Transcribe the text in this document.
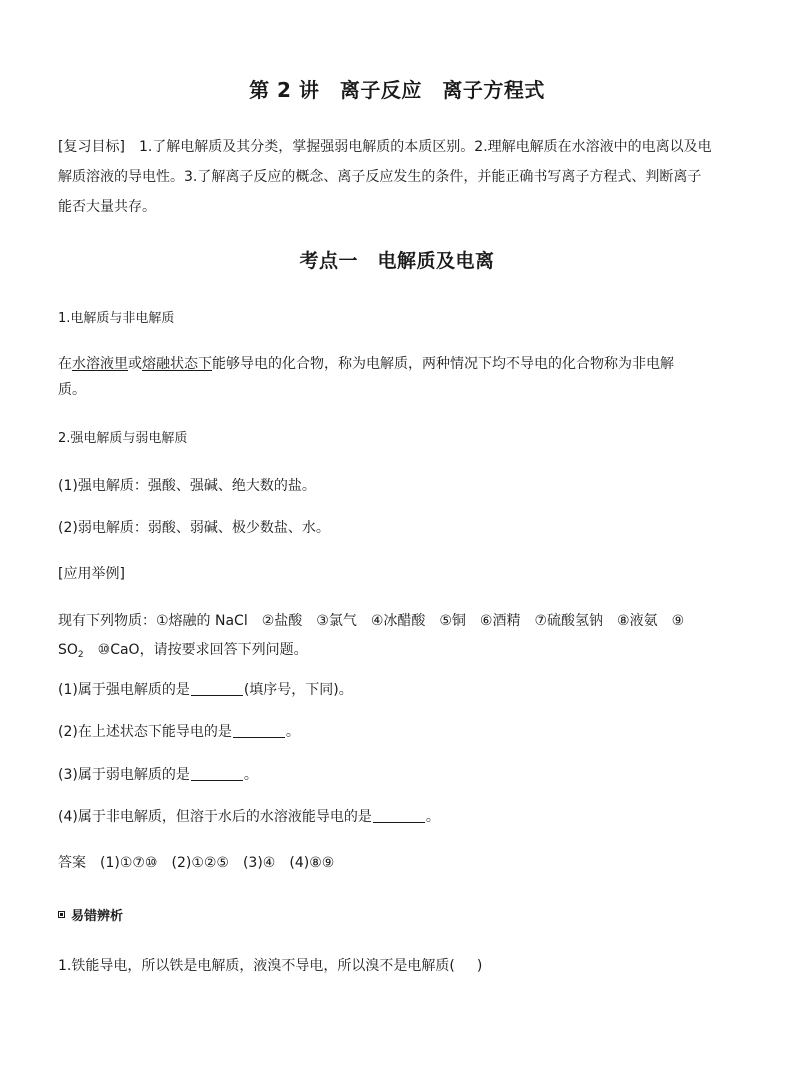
第 2 讲　离子反应　离子方程式
[复习目标] 1.了解电解质及其分类，掌握强弱电解质的本质区别。2.理解电解质在水溶液中的电离以及电
解质溶液的导电性。3.了解离子反应的概念、离子反应发生的条件，并能正确书写离子方程式、判断离子
能否大量共存。
考点一　电解质及电离
1.电解质与非电解质
在水溶液里或熔融状态下能够导电的化合物，称为电解质，两种情况下均不导电的化合物称为非电解
质。
2.强电解质与弱电解质
(1)强电解质：强酸、强碱、绝大数的盐。
(2)弱电解质：弱酸、弱碱、极少数盐、水。
[应用举例]
现有下列物质：①熔融的 NaCl　②盐酸　③氯气　④冰醋酸　⑤铜　⑥酒精　⑦硫酸氢钠　⑧液氨　⑨
$SO_2$　⑩CaO，请按要求回答下列问题。
(1)属于强电解质的是	(填序号，下同)。
(2)在上述状态下能导电的是	。
(3)属于弱电解质的是	。
(4)属于非电解质，但溶于水后的水溶液能导电的是	。
答案 (1)①⑦⑩ (2)①②⑤ (3)④ (4)⑧⑨
易错辨析
1.铁能导电，所以铁是电解质，液溴不导电，所以溴不是电解质( )
